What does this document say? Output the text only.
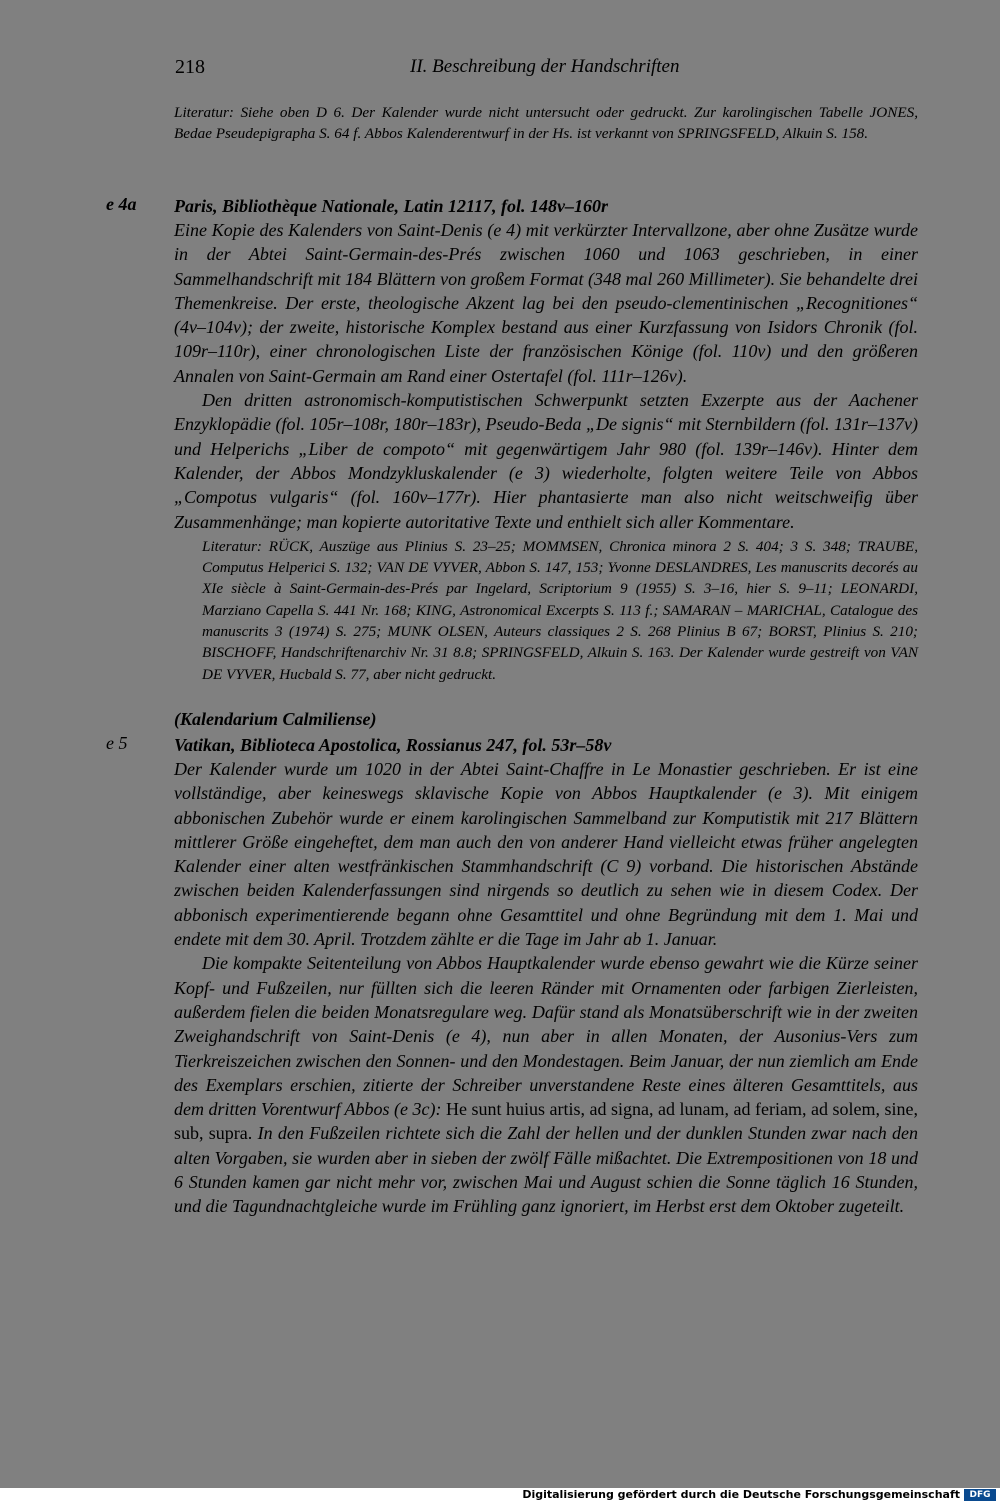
218	II. Beschreibung der Handschriften

Literatur: Siehe oben D 6. Der Kalender wurde nicht untersucht oder gedruckt. Zur karolingischen Tabelle JONES, Bedae Pseudepigrapha S. 64 f. Abbos Kalenderentwurf in der Hs. ist verkannt von SPRINGSFELD, Alkuin S. 158.

e 4a Paris, Bibliothèque Nationale, Latin 12117, fol. 148v–160r

Eine Kopie des Kalenders von Saint-Denis (e 4) mit verkürzter Intervallzone, aber ohne Zusätze wurde in der Abtei Saint-Germain-des-Prés zwischen 1060 und 1063 geschrieben, in einer Sammelhandschrift mit 184 Blättern von großem Format (348 mal 260 Millimeter). Sie behandelte drei Themenkreise. Der erste, theologische Akzent lag bei den pseudo-clementinischen „Recognitiones“ (4v–104v); der zweite, historische Komplex bestand aus einer Kurzfassung von Isidors Chronik (fol. 109r–110r), einer chronologischen Liste der französischen Könige (fol. 110v) und den größeren Annalen von Saint-Germain am Rand einer Ostertafel (fol. 111r–126v).

Den dritten astronomisch-komputistischen Schwerpunkt setzten Exzerpte aus der Aachener Enzyklopädie (fol. 105r–108r, 180r–183r), Pseudo-Beda „De signis“ mit Sternbildern (fol. 131r–137v) und Helperichs „Liber de compoto“ mit gegenwärtigem Jahr 980 (fol. 139r–146v). Hinter dem Kalender, der Abbos Mondzykluskalender (e 3) wiederholte, folgten weitere Teile von Abbos „Compotus vulgaris“ (fol. 160v–177r). Hier phantasierte man also nicht weitschweifig über Zusammenhänge; man kopierte autoritative Texte und enthielt sich aller Kommentare.

Literatur: RÜCK, Auszüge aus Plinius S. 23–25; MOMMSEN, Chronica minora 2 S. 404; 3 S. 348; TRAUBE, Computus Helperici S. 132; VAN DE VYVER, Abbon S. 147, 153; Yvonne DESLANDRES, Les manuscrits decorés au XIe siècle à Saint-Germain-des-Prés par Ingelard, Scriptorium 9 (1955) S. 3–16, hier S. 9–11; LEONARDI, Marziano Capella S. 441 Nr. 168; KING, Astronomical Excerpts S. 113 f.; SAMARAN – MARICHAL, Catalogue des manuscrits 3 (1974) S. 275; MUNK OLSEN, Auteurs classiques 2 S. 268 Plinius B 67; BORST, Plinius S. 210; BISCHOFF, Handschriftenarchiv Nr. 31 8.8; SPRINGSFELD, Alkuin S. 163. Der Kalender wurde gestreift von VAN DE VYVER, Hucbald S. 77, aber nicht gedruckt.

(Kalendarium Calmiliense)
e 5	Vatikan, Biblioteca Apostolica, Rossianus 247, fol. 53r–58v

Der Kalender wurde um 1020 in der Abtei Saint-Chaffre in Le Monastier geschrieben. Er ist eine vollständige, aber keineswegs sklavische Kopie von Abbos Hauptkalender (e 3). Mit einigem abbonischen Zubehör wurde er einem karolingischen Sammelband zur Komputistik mit 217 Blättern mittlerer Größe eingeheftet, dem man auch den von anderer Hand vielleicht etwas früher angelegten Kalender einer alten westfränkischen Stammhandschrift (C 9) vorband. Die historischen Abstände zwischen beiden Kalenderfassungen sind nirgends so deutlich zu sehen wie in diesem Codex. Der abbonisch experimentierende begann ohne Gesamttitel und ohne Begründung mit dem 1. Mai und endete mit dem 30. April. Trotzdem zählte er die Tage im Jahr ab 1. Januar.

Die kompakte Seitenteilung von Abbos Hauptkalender wurde ebenso gewahrt wie die Kürze seiner Kopf- und Fußzeilen, nur füllten sich die leeren Ränder mit Ornamenten oder farbigen Zierleisten, außerdem fielen die beiden Monatsregulare weg. Dafür stand als Monatsüberschrift wie in der zweiten Zweighandschrift von Saint-Denis (e 4), nun aber in allen Monaten, der Ausonius-Vers zum Tierkreiszeichen zwischen den Sonnen- und den Mondestagen. Beim Januar, der nun ziemlich am Ende des Exemplars erschien, zitierte der Schreiber unverstandene Reste eines älteren Gesamttitels, aus dem dritten Vorentwurf Abbos (e 3c): He sunt huius artis, ad signa, ad lunam, ad feriam, ad solem, sine, sub, supra. In den Fußzeilen richtete sich die Zahl der hellen und der dunklen Stunden zwar nach den alten Vorgaben, sie wurden aber in sieben der zwölf Fälle mißachtet. Die Extrempositionen von 18 und 6 Stunden kamen gar nicht mehr vor, zwischen Mai und August schien die Sonne täglich 16 Stunden, und die Tagundnachtgleiche wurde im Frühling ganz ignoriert, im Herbst erst dem Oktober zugeteilt.

Digitalisierung gefördert durch die Deutsche Forschungsgemeinschaft	DFG
